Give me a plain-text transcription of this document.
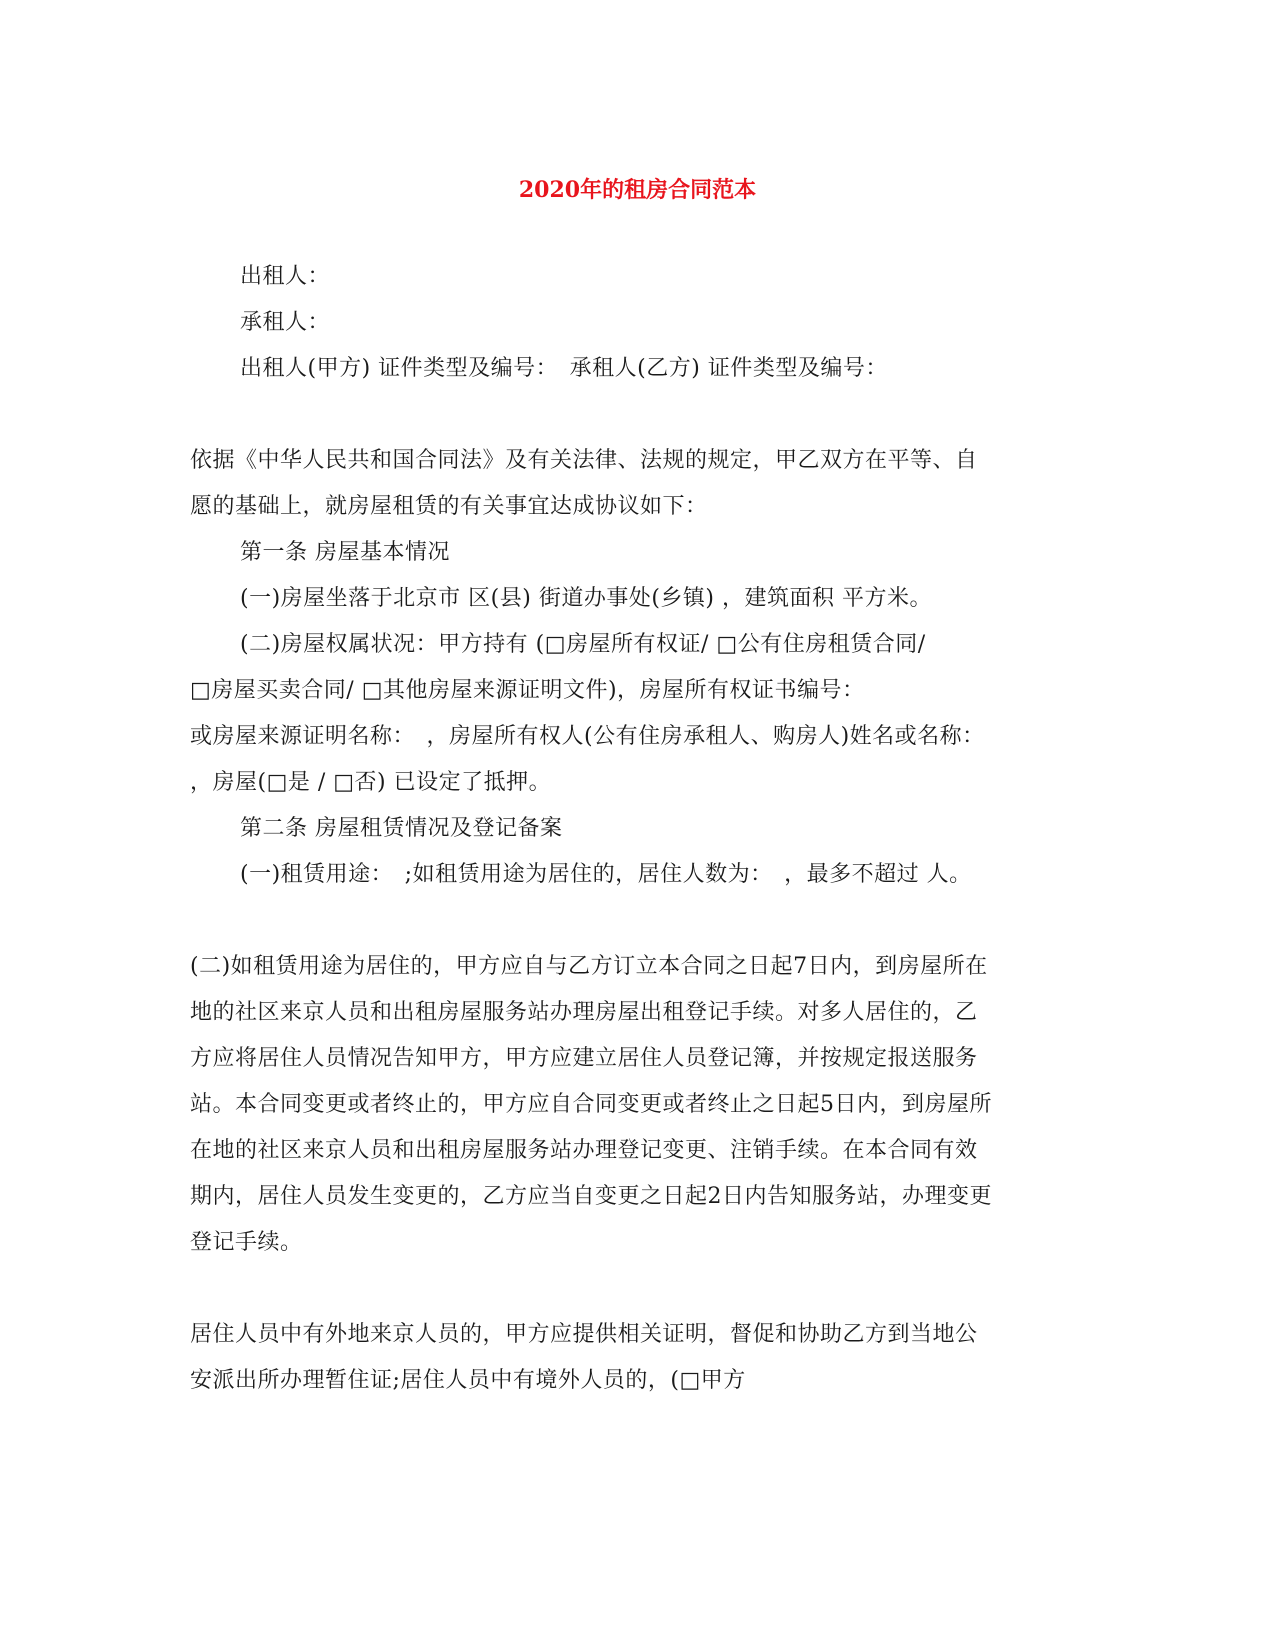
2020年的租房合同范本
出租人：
承租人：
出租人(甲方) 证件类型及编号：　承租人(乙方) 证件类型及编号：
依据《中华人民共和国合同法》及有关法律、法规的规定，甲乙双方在平等、自
愿的基础上，就房屋租赁的有关事宜达成协议如下：
第一条 房屋基本情况
(一)房屋坐落于北京市 区(县) 街道办事处(乡镇) ，建筑面积 平方米。
(二)房屋权属状况：甲方持有 (□房屋所有权证/ □公有住房租赁合同/
□房屋买卖合同/ □其他房屋来源证明文件)，房屋所有权证书编号：
或房屋来源证明名称：　，房屋所有权人(公有住房承租人、购房人)姓名或名称：
，房屋(□是 / □否) 已设定了抵押。
第二条 房屋租赁情况及登记备案
(一)租赁用途：　;如租赁用途为居住的，居住人数为：　，最多不超过 人。
(二)如租赁用途为居住的，甲方应自与乙方订立本合同之日起7日内，到房屋所在
地的社区来京人员和出租房屋服务站办理房屋出租登记手续。对多人居住的，乙
方应将居住人员情况告知甲方，甲方应建立居住人员登记簿，并按规定报送服务
站。本合同变更或者终止的，甲方应自合同变更或者终止之日起5日内，到房屋所
在地的社区来京人员和出租房屋服务站办理登记变更、注销手续。在本合同有效
期内，居住人员发生变更的，乙方应当自变更之日起2日内告知服务站，办理变更
登记手续。
居住人员中有外地来京人员的，甲方应提供相关证明，督促和协助乙方到当地公
安派出所办理暂住证;居住人员中有境外人员的，(□甲方
